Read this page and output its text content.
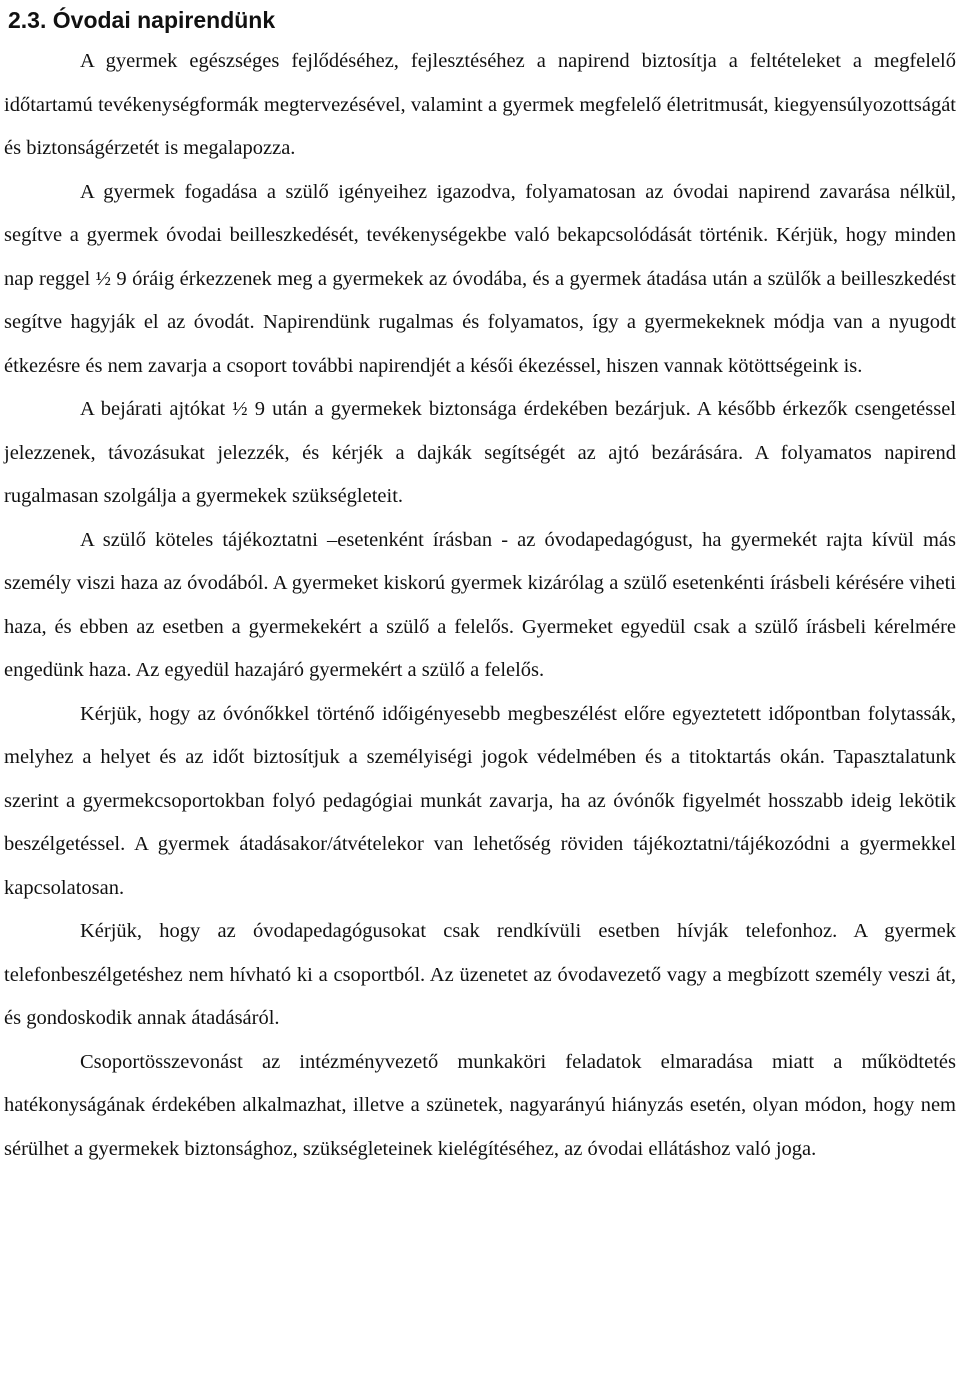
2.3. Óvodai napirendünk

A gyermek egészséges fejlődéséhez, fejlesztéséhez a napirend biztosítja a feltételeket a megfelelő időtartamú tevékenységformák megtervezésével, valamint a gyermek megfelelő életritmusát, kiegyensúlyozottságát és biztonságérzetét is megalapozza.

A gyermek fogadása a szülő igényeihez igazodva, folyamatosan az óvodai napirend zavarása nélkül, segítve a gyermek óvodai beilleszkedését, tevékenységekbe való bekapcsolódását történik. Kérjük, hogy minden nap reggel ½ 9 óráig érkezzenek meg a gyermekek az óvodába, és a gyermek átadása után a szülők a beilleszkedést segítve hagyják el az óvodát. Napirendünk rugalmas és folyamatos, így a gyermekeknek módja van a nyugodt étkezésre és nem zavarja a csoport további napirendjét a késői ékezéssel, hiszen vannak kötöttségeink is.

A bejárati ajtókat ½ 9 után a gyermekek biztonsága érdekében bezárjuk. A később érkezők csengetéssel jelezzenek, távozásukat jelezzék, és kérjék a dajkák segítségét az ajtó bezárására. A folyamatos napirend rugalmasan szolgálja a gyermekek szükségleteit.

A szülő köteles tájékoztatni –esetenként írásban - az óvodapedagógust, ha gyermekét rajta kívül más személy viszi haza az óvodából. A gyermeket kiskorú gyermek kizárólag a szülő esetenkénti írásbeli kérésére viheti haza, és ebben az esetben a gyermekekért a szülő a felelős. Gyermeket egyedül csak a szülő írásbeli kérelmére engedünk haza. Az egyedül hazajáró gyermekért a szülő a felelős.

Kérjük, hogy az óvónőkkel történő időigényesebb megbeszélést előre egyeztetett időpontban folytassák, melyhez a helyet és az időt biztosítjuk a személyiségi jogok védelmében és a titoktartás okán. Tapasztalatunk szerint a gyermekcsoportokban folyó pedagógiai munkát zavarja, ha az óvónők figyelmét hosszabb ideig lekötik beszélgetéssel. A gyermek átadásakor/átvételekor van lehetőség röviden tájékoztatni/tájékozódni a gyermekkel kapcsolatosan.

Kérjük, hogy az óvodapedagógusokat csak rendkívüli esetben hívják telefonhoz. A gyermek telefonbeszélgetéshez nem hívható ki a csoportból. Az üzenetet az óvodavezető vagy a megbízott személy veszi át, és gondoskodik annak átadásáról.

Csoportösszevonást az intézményvezető munkaköri feladatok elmaradása miatt a működtetés hatékonyságának érdekében alkalmazhat, illetve a szünetek, nagyarányú hiányzás esetén, olyan módon, hogy nem sérülhet a gyermekek biztonsághoz, szükségleteinek kielégítéséhez, az óvodai ellátáshoz való joga.
